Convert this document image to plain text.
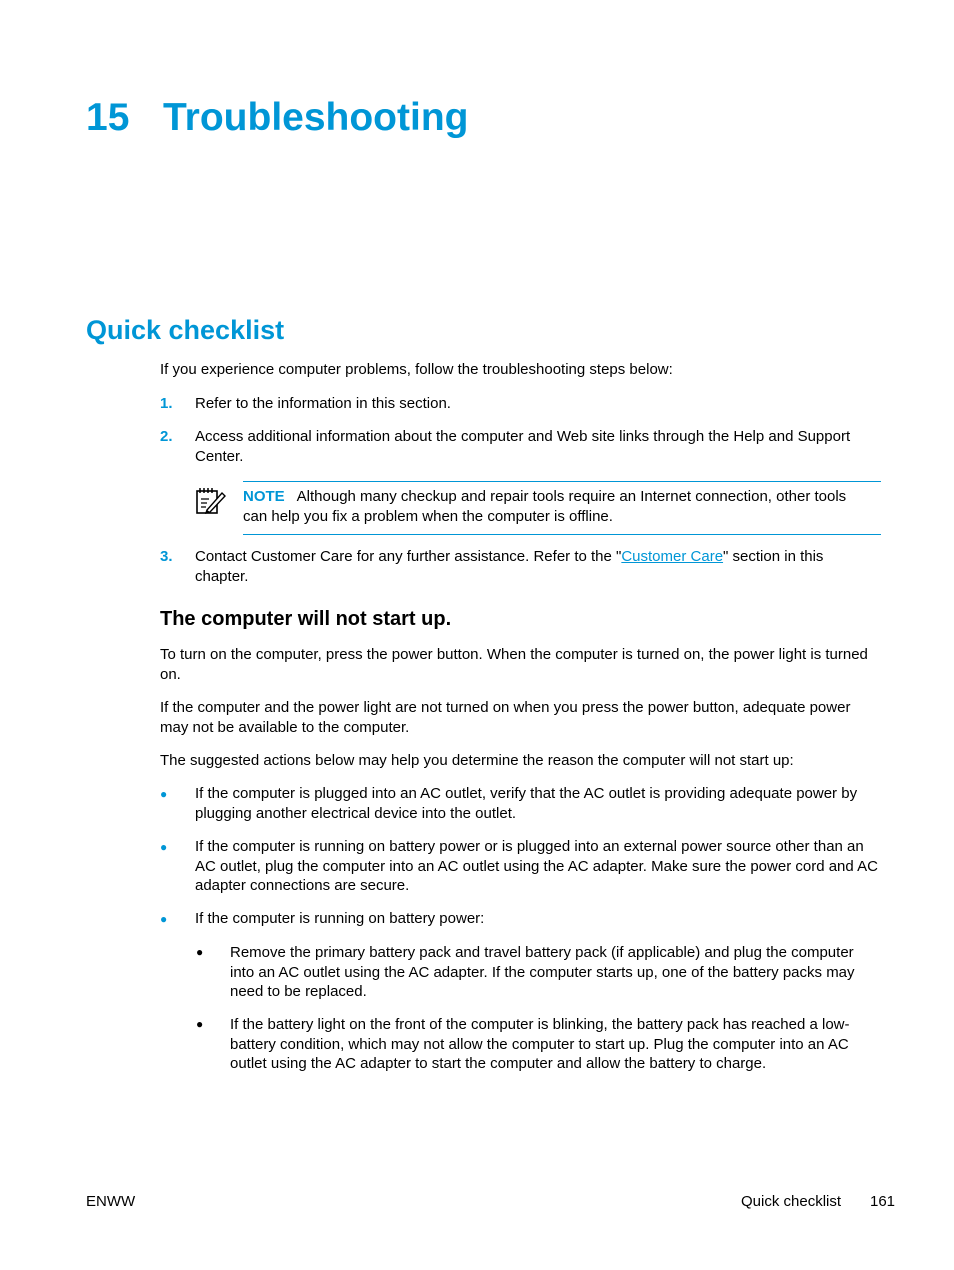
15 Troubleshooting
Quick checklist

If you experience computer problems, follow the troubleshooting steps below:

1. Refer to the information in this section.
2. Access additional information about the computer and Web site links through the Help and Support Center.
NOTE Although many checkup and repair tools require an Internet connection, other tools can help you fix a problem when the computer is offline.
3. Contact Customer Care for any further assistance. Refer to the "Customer Care" section in this chapter.
The computer will not start up.

To turn on the computer, press the power button. When the computer is turned on, the power light is turned on.

If the computer and the power light are not turned on when you press the power button, adequate power may not be available to the computer.

The suggested actions below may help you determine the reason the computer will not start up:

● If the computer is plugged into an AC outlet, verify that the AC outlet is providing adequate power by plugging another electrical device into the outlet.
● If the computer is running on battery power or is plugged into an external power source other than an AC outlet, plug the computer into an AC outlet using the AC adapter. Make sure the power cord and AC adapter connections are secure.
● If the computer is running on battery power:
● Remove the primary battery pack and travel battery pack (if applicable) and plug the computer into an AC outlet using the AC adapter. If the computer starts up, one of the battery packs may need to be replaced.
● If the battery light on the front of the computer is blinking, the battery pack has reached a low-battery condition, which may not allow the computer to start up. Plug the computer into an AC outlet using the AC adapter to start the computer and allow the battery to charge.
ENWW	Quick checklist 161
